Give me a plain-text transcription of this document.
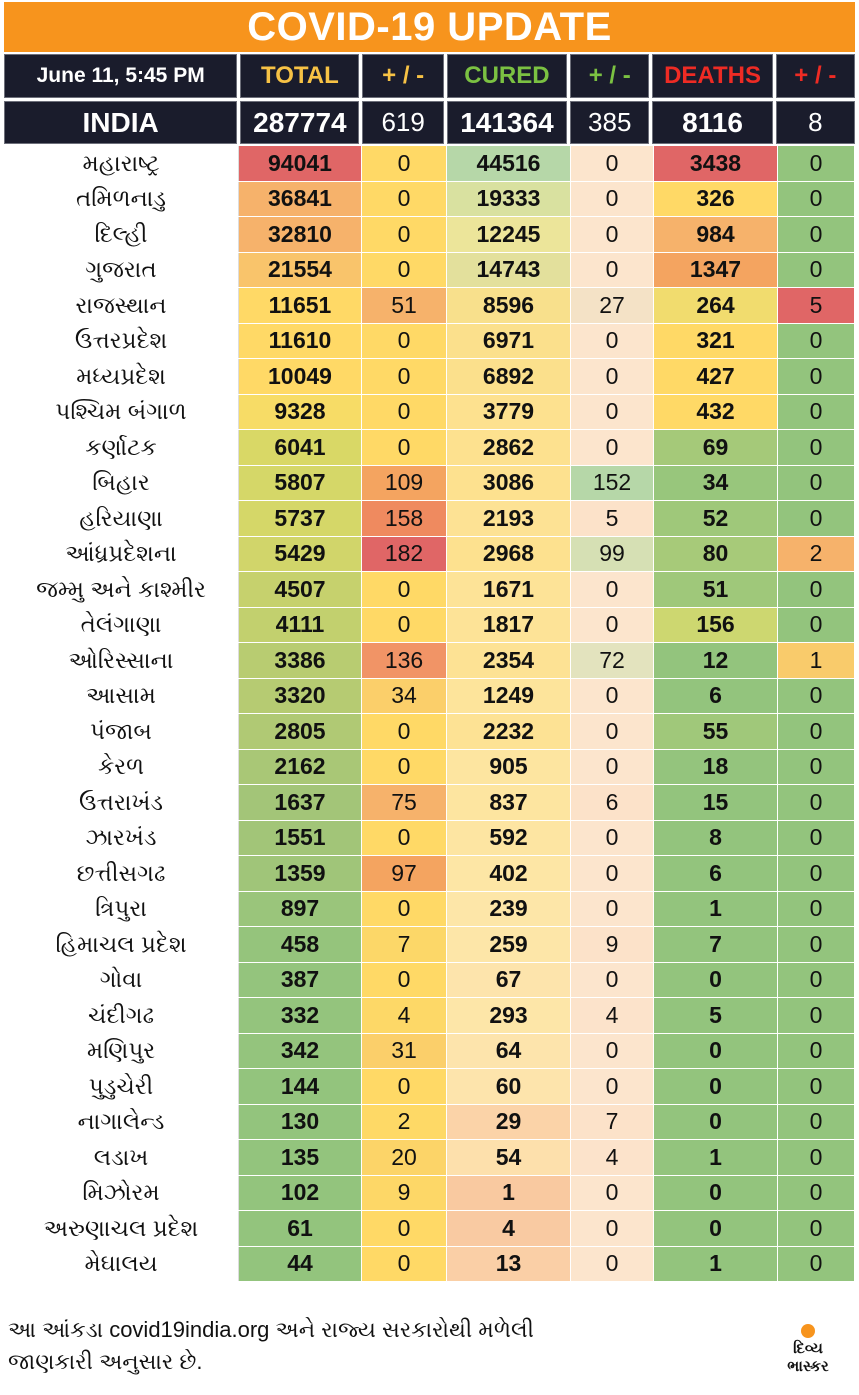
COVID-19 UPDATE
June 11, 5:45 PM	TOTAL	+ / -	CURED	+ / -	DEATHS	+ / -
INDIA	287774	619	141364	385	8116	8
મહારાષ્ટ્ર	94041	0	44516	0	3438	0
તમિળનાડુ	36841	0	19333	0	326	0
દિલ્હી	32810	0	12245	0	984	0
ગુજરાત	21554	0	14743	0	1347	0
રાજસ્થાન	11651	51	8596	27	264	5
ઉત્તરપ્રદેશ	11610	0	6971	0	321	0
મધ્યપ્રદેશ	10049	0	6892	0	427	0
પશ્ચિમ બંગાળ	9328	0	3779	0	432	0
કર્ણાટક	6041	0	2862	0	69	0
બિહાર	5807	109	3086	152	34	0
હરિયાણા	5737	158	2193	5	52	0
આંધ્રપ્રદેશના	5429	182	2968	99	80	2
જમ્મુ અને કાશ્મીર	4507	0	1671	0	51	0
તેલંગાણા	4111	0	1817	0	156	0
ઓરિસ્સાના	3386	136	2354	72	12	1
આસામ	3320	34	1249	0	6	0
પંજાબ	2805	0	2232	0	55	0
કેરળ	2162	0	905	0	18	0
ઉત્તરાખંડ	1637	75	837	6	15	0
ઝારખંડ	1551	0	592	0	8	0
છત્તીસગઢ	1359	97	402	0	6	0
ત્રિપુરા	897	0	239	0	1	0
હિમાચલ પ્રદેશ	458	7	259	9	7	0
ગોવા	387	0	67	0	0	0
ચંદીગઢ	332	4	293	4	5	0
મણિપુર	342	31	64	0	0	0
પુડુચેરી	144	0	60	0	0	0
નાગાલેન્ડ	130	2	29	7	0	0
લડાખ	135	20	54	4	1	0
મિઝોરમ	102	9	1	0	0	0
અરુણાચલ પ્રદેશ	61	0	4	0	0	0
મેઘાલય	44	0	13	0	1	0
આ આંકડા covid19india.org અને રાજ્ય સરકારોથી મળેલી
જાણકારી અનુસાર છે.
દિવ્ય
ભાસ્કર
